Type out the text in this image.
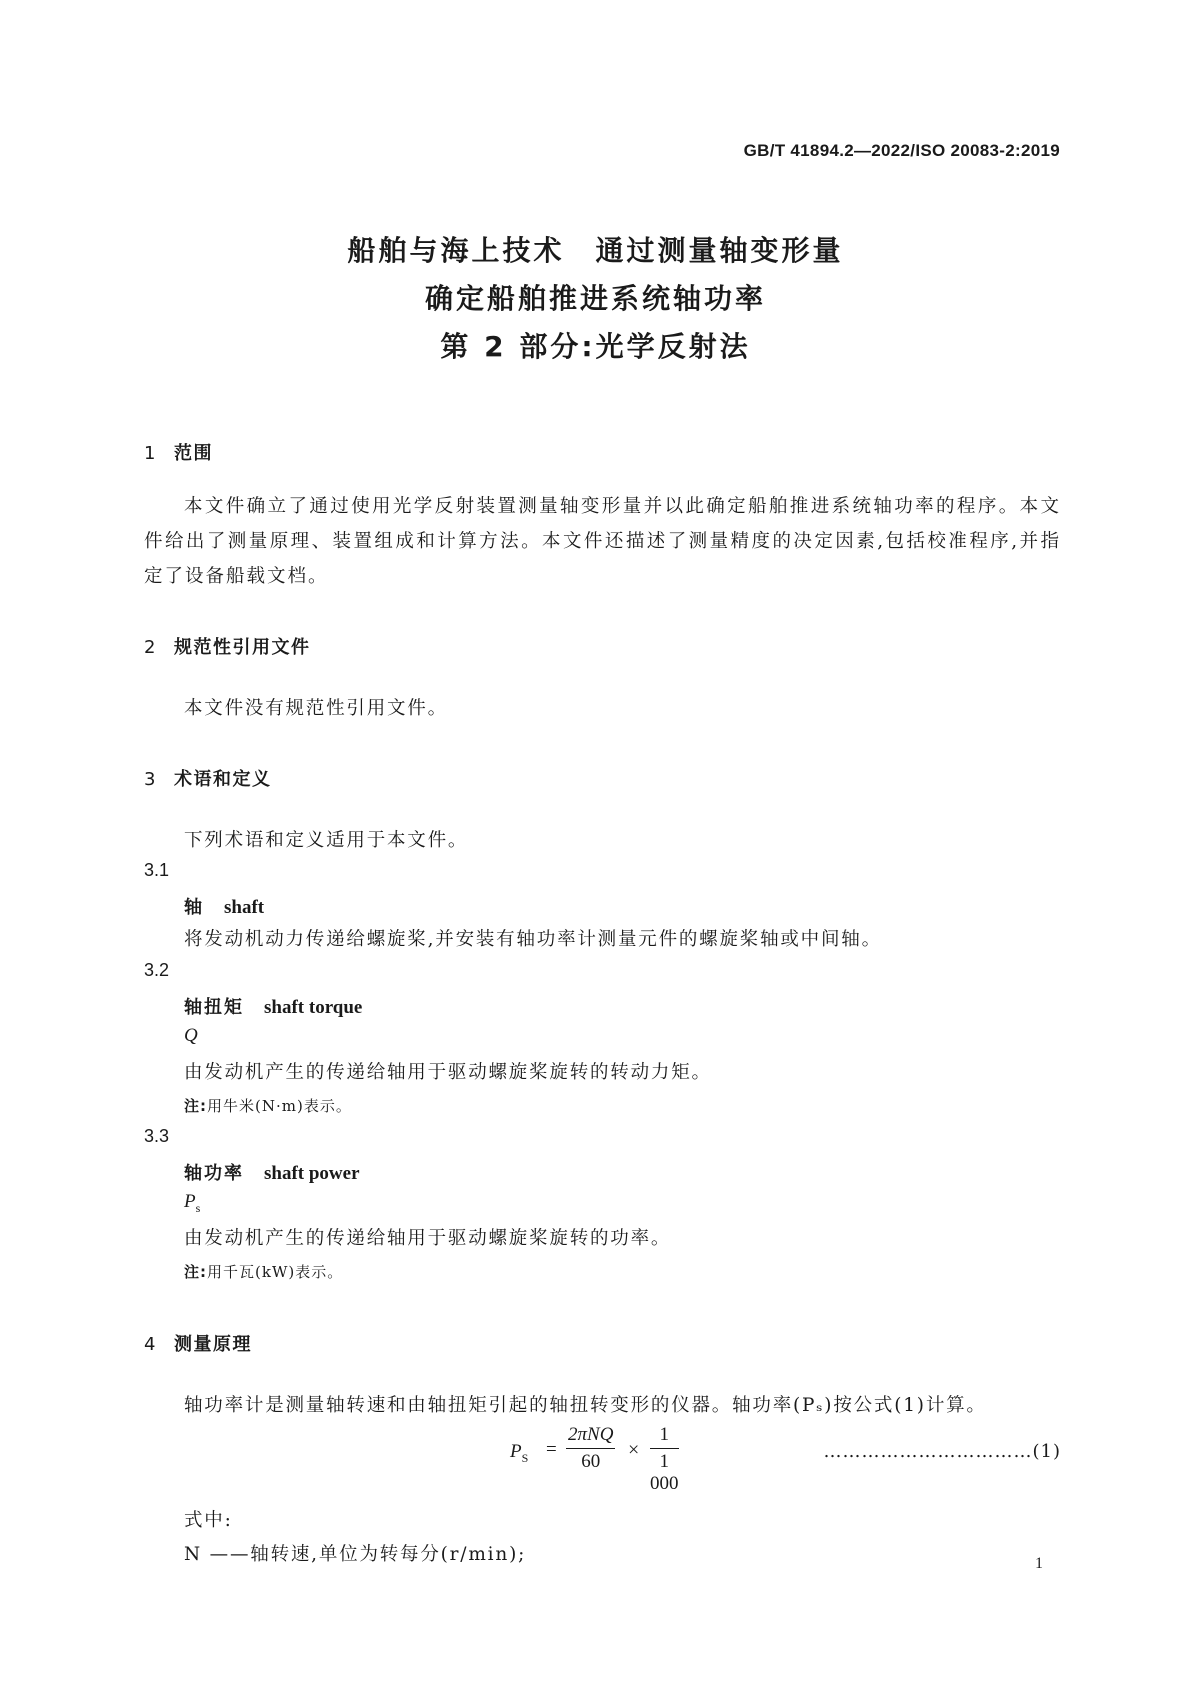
GB/T 41894.2—2022/ISO 20083-2:2019
船舶与海上技术　通过测量轴变形量
确定船舶推进系统轴功率
第 2 部分:光学反射法
1 范围
本文件确立了通过使用光学反射装置测量轴变形量并以此确定船舶推进系统轴功率的程序。本文件给出了测量原理、装置组成和计算方法。本文件还描述了测量精度的决定因素,包括校准程序,并指定了设备船载文档。
2 规范性引用文件
本文件没有规范性引用文件。
3 术语和定义
下列术语和定义适用于本文件。
3.1
轴 shaft
将发动机动力传递给螺旋桨,并安装有轴功率计测量元件的螺旋桨轴或中间轴。
3.2
轴扭矩 shaft torque
Q
由发动机产生的传递给轴用于驱动螺旋桨旋转的转动力矩。
注:用牛米(N·m)表示。
3.3
轴功率 shaft power
$P_s$
由发动机产生的传递给轴用于驱动螺旋桨旋转的功率。
注:用千瓦(kW)表示。
4 测量原理
轴功率计是测量轴转速和由轴扭矩引起的轴扭转变形的仪器。轴功率(Pₛ)按公式(1)计算。
$P_S$ =
2πNQ
60
×
1
1 000
……………………………(1)
式中:
N ——轴转速,单位为转每分(r/min);	1
